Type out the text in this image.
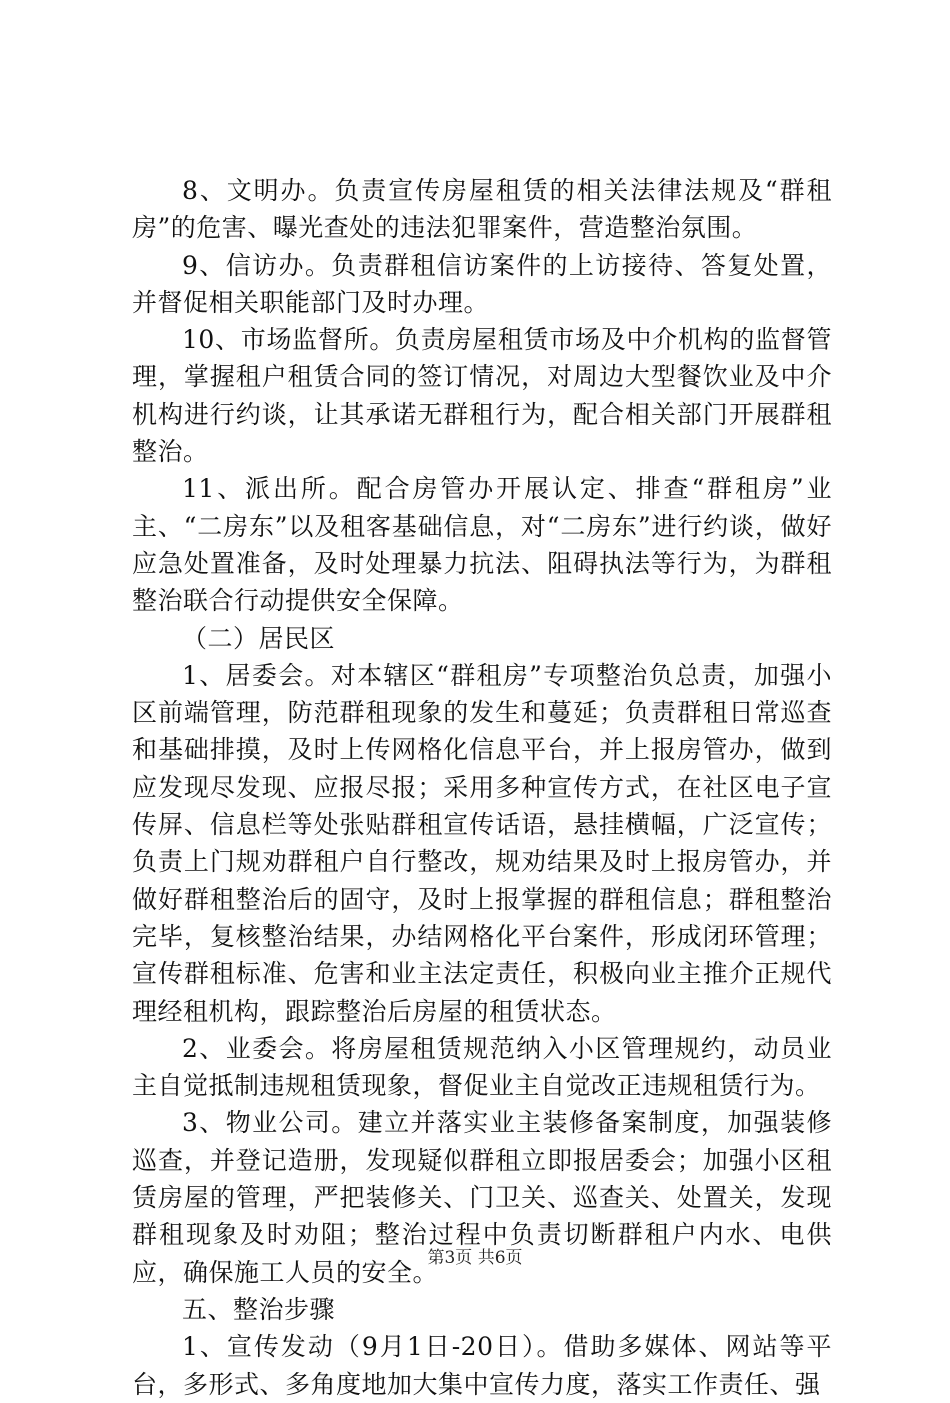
8、文明办。负责宣传房屋租赁的相关法律法规及“群租房”的危害、曝光查处的违法犯罪案件，营造整治氛围。

9、信访办。负责群租信访案件的上访接待、答复处置，并督促相关职能部门及时办理。

10、市场监督所。负责房屋租赁市场及中介机构的监督管理，掌握租户租赁合同的签订情况，对周边大型餐饮业及中介机构进行约谈，让其承诺无群租行为，配合相关部门开展群租整治。

11、派出所。配合房管办开展认定、排查“群租房”业主、“二房东”以及租客基础信息，对“二房东”进行约谈，做好应急处置准备，及时处理暴力抗法、阻碍执法等行为，为群租整治联合行动提供安全保障。

（二）居民区

1、居委会。对本辖区“群租房”专项整治负总责，加强小区前端管理，防范群租现象的发生和蔓延；负责群租日常巡查和基础排摸，及时上传网格化信息平台，并上报房管办，做到应发现尽发现、应报尽报；采用多种宣传方式，在社区电子宣传屏、信息栏等处张贴群租宣传话语，悬挂横幅，广泛宣传；负责上门规劝群租户自行整改，规劝结果及时上报房管办，并做好群租整治后的固守，及时上报掌握的群租信息；群租整治完毕，复核整治结果，办结网格化平台案件，形成闭环管理；宣传群租标准、危害和业主法定责任，积极向业主推介正规代理经租机构，跟踪整治后房屋的租赁状态。

2、业委会。将房屋租赁规范纳入小区管理规约，动员业主自觉抵制违规租赁现象，督促业主自觉改正违规租赁行为。

3、物业公司。建立并落实业主装修备案制度，加强装修巡查，并登记造册，发现疑似群租立即报居委会；加强小区租赁房屋的管理，严把装修关、门卫关、巡查关、处置关，发现群租现象及时劝阻；整治过程中负责切断群租户内水、电供应，确保施工人员的安全。

五、整治步骤

1、宣传发动（9月1日-20日）。借助多媒体、网站等平台，多形式、多角度地加大集中宣传力度，落实工作责任、强

第3页 共6页
